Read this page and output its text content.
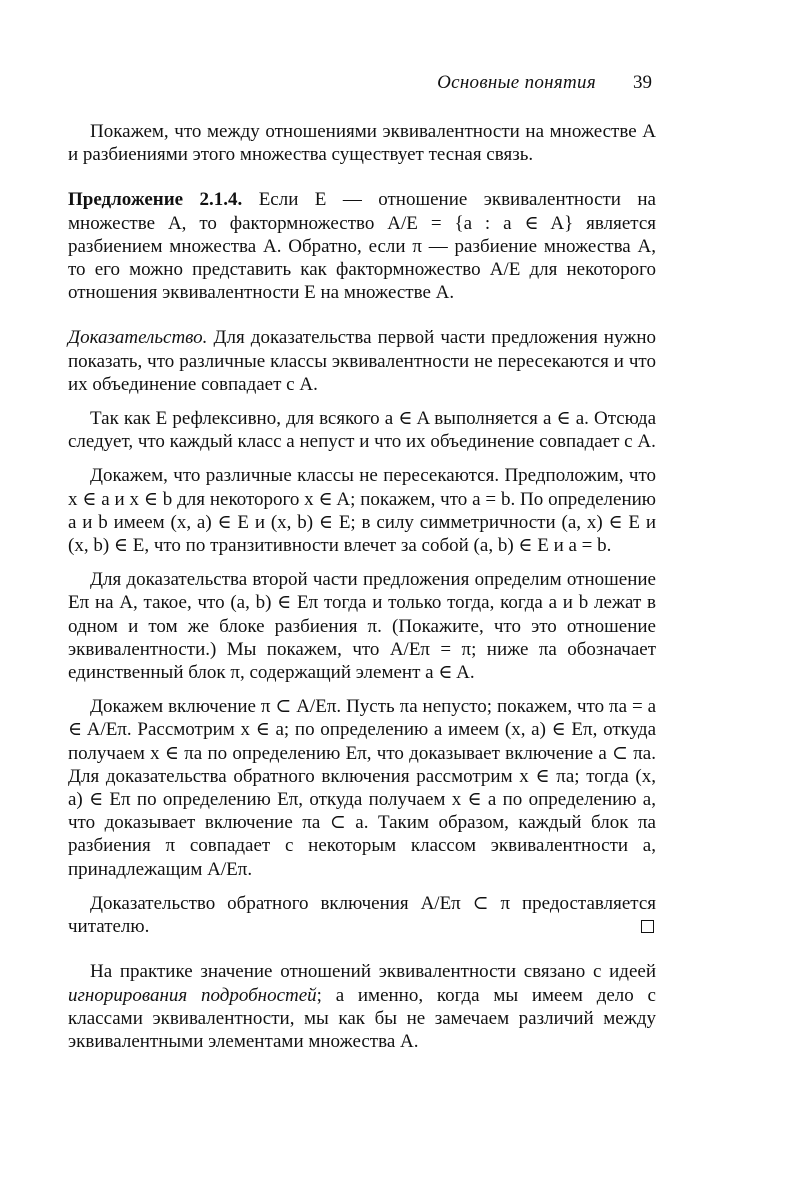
Основные понятия 39

Покажем, что между отношениями эквивалентности на множестве A и разбиениями этого множества существует тесная связь.

Предложение 2.1.4. Если E — отношение эквивалентности на множестве A, то фактормножество A/E = {a : a ∈ A} является разбиением множества A. Обратно, если π — разбиение множества A, то его можно представить как фактормножество A/E для некоторого отношения эквивалентности E на множестве A.

Доказательство. Для доказательства первой части предложения нужно показать, что различные классы эквивалентности не пересекаются и что их объединение совпадает с A.

Так как E рефлексивно, для всякого a ∈ A выполняется a ∈ a. Отсюда следует, что каждый класс a непуст и что их объединение совпадает с A.

Докажем, что различные классы не пересекаются. Предположим, что x ∈ a и x ∈ b для некоторого x ∈ A; покажем, что a = b. По определению a и b имеем (x, a) ∈ E и (x, b) ∈ E; в силу симметричности (a, x) ∈ E и (x, b) ∈ E, что по транзитивности влечет за собой (a, b) ∈ E и a = b.

Для доказательства второй части предложения определим отношение Eπ на A, такое, что (a, b) ∈ Eπ тогда и только тогда, когда a и b лежат в одном и том же блоке разбиения π. (Покажите, что это отношение эквивалентности.) Мы покажем, что A/Eπ = π; ниже πa обозначает единственный блок π, содержащий элемент a ∈ A.

Докажем включение π ⊂ A/Eπ. Пусть πa непусто; покажем, что πa = a ∈ A/Eπ. Рассмотрим x ∈ a; по определению a имеем (x, a) ∈ Eπ, откуда получаем x ∈ πa по определению Eπ, что доказывает включение a ⊂ πa. Для доказательства обратного включения рассмотрим x ∈ πa; тогда (x, a) ∈ Eπ по определению Eπ, откуда получаем x ∈ a по определению a, что доказывает включение πa ⊂ a. Таким образом, каждый блок πa разбиения π совпадает с некоторым классом эквивалентности a, принадлежащим A/Eπ.

Доказательство обратного включения A/Eπ ⊂ π предоставляется читателю.

На практике значение отношений эквивалентности связано с идеей игнорирования подробностей; а именно, когда мы имеем дело с классами эквивалентности, мы как бы не замечаем различий между эквивалентными элементами множества A.
